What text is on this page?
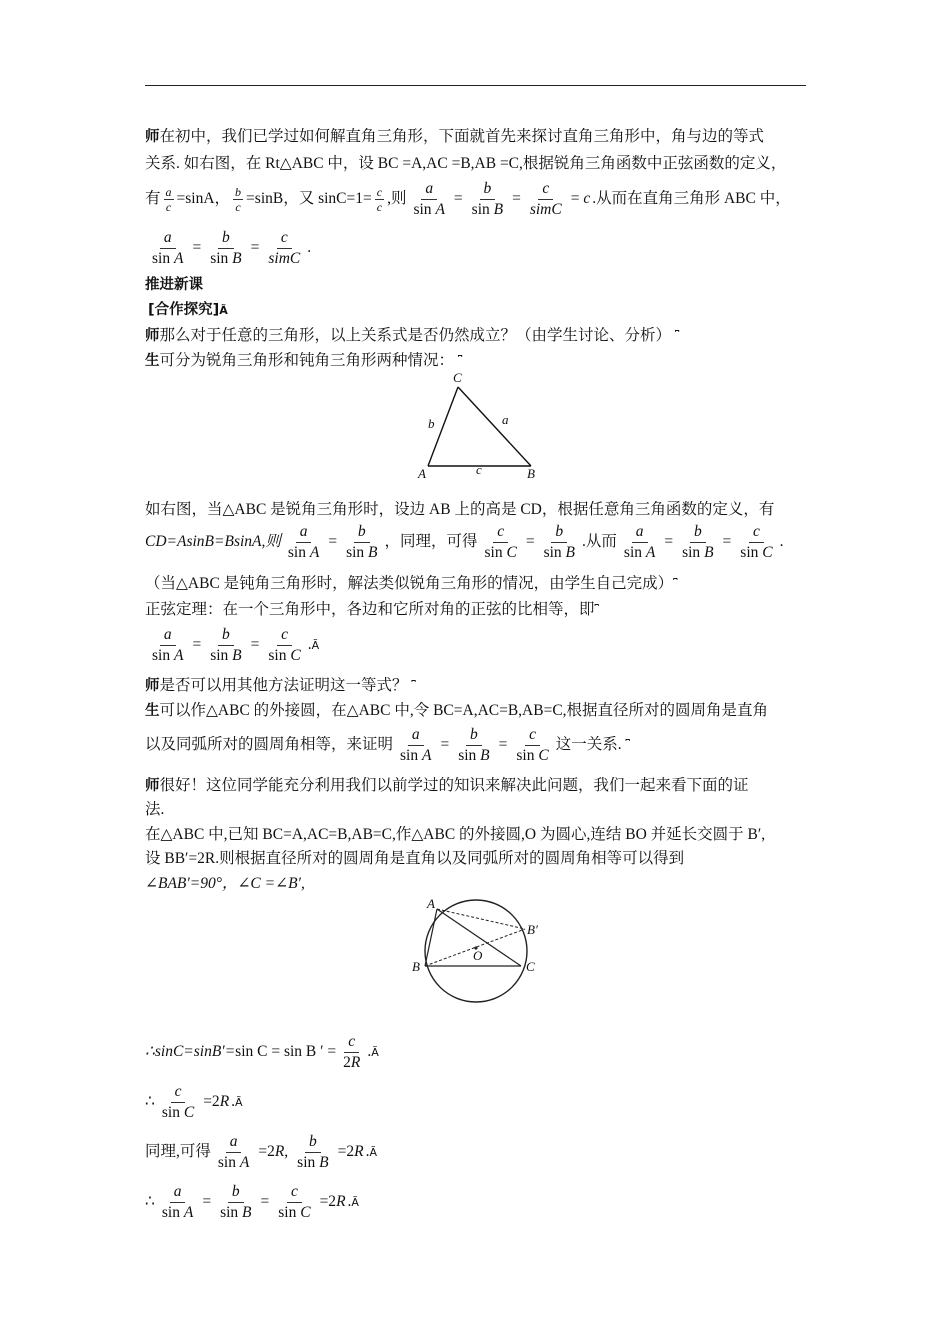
师在初中，我们已学过如何解直角三角形，下面就首先来探讨直角三角形中，角与边的等式
关系. 如右图，在 Rt△ABC 中，设 BC =A,AC =B,AB =C,根据锐角三角函数中正弦函数的定义，
有 $\frac{a}{c} =\sin A$， $\frac{b}{c} =\sin B$，又 $\sin C=1= \frac{c}{c}$ ,则 $\frac{a}{\text{sin A}} = \frac{b}{\text{sin B}} = \frac{c}{\text{simC}} = c$ .从而在直角三角形 ABC 中，
$\frac{a}{\text{sin A}} = \frac{b}{\text{sin B}} = \frac{c}{\text{simC}}$ .
推进新课
[合作探究]Ã
师那么对于任意的三角形，以上关系式是否仍然成立？（由学生讨论、分析） ⎴
生可分为锐角三角形和钝角三角形两种情况： ⎴
C
A	B
b	a
c
如右图，当△ABC 是锐角三角形时，设边 AB 上的高是 CD，根据任意角三角函数的定义，有
CD=AsinB=BsinA,则 $\frac{a}{\text{sin A}} = \frac{b}{\text{sin B}}$ ，同理，可得 $\frac{c}{\text{sin C}} = \frac{b}{\text{sin B}}$ .从而 $\frac{a}{\text{sin A}} = \frac{b}{\text{sin B}} = \frac{c}{\text{sin C}}$ .
（当△ABC 是钝角三角形时，解法类似锐角三角形的情况，由学生自己完成）⎴
正弦定理：在一个三角形中，各边和它所对角的正弦的比相等，即⎴
$\frac{a}{\text{sin A}} = \frac{b}{\text{sin B}} = \frac{c}{\text{sin C}}$ .Ã
师是否可以用其他方法证明这一等式？ ⎴
生可以作△ABC 的外接圆，在△ABC 中,令 BC=A,AC=B,AB=C,根据直径所对的圆周角是直角
以及同弧所对的圆周角相等，来证明 $\frac{a}{\text{sin A}} = \frac{b}{\text{sin B}} = \frac{c}{\text{sin C}}$ 这一关系. ⎴
师很好！这位同学能充分利用我们以前学过的知识来解决此问题，我们一起来看下面的证
法.
在△ABC 中,已知 BC=A,AC=B,AB=C,作△ABC 的外接圆,O 为圆心,连结 BO 并延长交圆于 B′,
设 BB′=2R.则根据直径所对的圆周角是直角以及同弧所对的圆周角相等可以得到
∠BAB′=90°，∠C =∠B′,
A
B	C
B′
O
∴sinC=sinB′=sin C = sin B ′ = $\frac{c}{2R}$ .Ã
∴ $\frac{c}{\text{sin C}} =2R$ .Ã
同理,可得 $\frac{a}{\text{sin A}} =2R$, $\frac{b}{\text{sin B}} =2R$ .Ã
∴ $\frac{a}{\text{sin A}} = \frac{b}{\text{sin B}} = \frac{c}{\text{sin C}} =2R$ .Ã
